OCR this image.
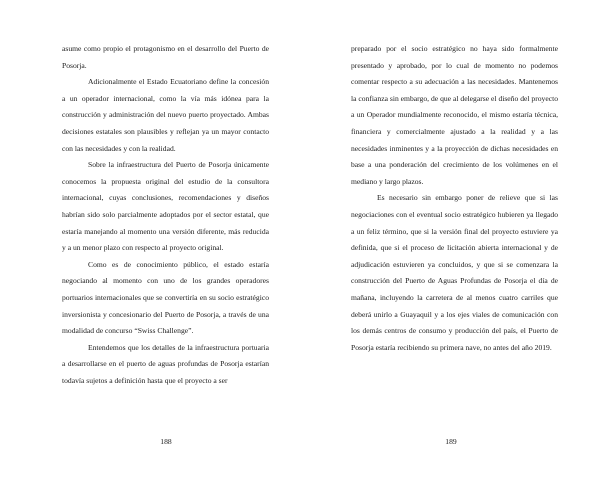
asume como propio el protagonismo en el desarrollo del Puerto de Posorja.

Adicionalmente el Estado Ecuatoriano define la concesión a un operador internacional, como la vía más idónea para la construcción y administración del nuevo puerto proyectado. Ambas decisiones estatales son plausibles y reflejan ya un mayor contacto con las necesidades y con la realidad.

Sobre la infraestructura del Puerto de Posorja únicamente conocemos la propuesta original del estudio de la consultora internacional, cuyas conclusiones, recomendaciones y diseños habrían sido solo parcialmente adoptados por el sector estatal, que estaría manejando al momento una versión diferente, más reducida y a un menor plazo con respecto al proyecto original.

Como es de conocimiento público, el estado estaría negociando al momento con uno de los grandes operadores portuarios internacionales que se convertiría en su socio estratégico inversionista y concesionario del Puerto de Posorja, a través de una modalidad de concurso “Swiss Challenge”.

Entendemos que los detalles de la infraestructura portuaria a desarrollarse en el puerto de aguas profundas de Posorja estarían todavía sujetos a definición hasta que el proyecto a ser

188

preparado por el socio estratégico no haya sido formalmente presentado y aprobado, por lo cual de momento no podemos comentar respecto a su adecuación a las necesidades. Mantenemos la confianza sin embargo, de que al delegarse el diseño del proyecto a un Operador mundialmente reconocido, el mismo estaría técnica, financiera y comercialmente ajustado a la realidad y a las necesidades inminentes y a la proyección de dichas necesidades en base a una ponderación del crecimiento de los volúmenes en el mediano y largo plazos.

Es necesario sin embargo poner de relieve que si las negociaciones con el eventual socio estratégico hubieren ya llegado a un feliz término, que si la versión final del proyecto estuviere ya definida, que si el proceso de licitación abierta internacional y de adjudicación estuvieren ya concluidos, y que si se comenzara la construcción del Puerto de Aguas Profundas de Posorja el día de mañana, incluyendo la carretera de al menos cuatro carriles que deberá unirlo a Guayaquil y a los ejes viales de comunicación con los demás centros de consumo y producción del país, el Puerto de Posorja estaría recibiendo su primera nave, no antes del año 2019.

189
